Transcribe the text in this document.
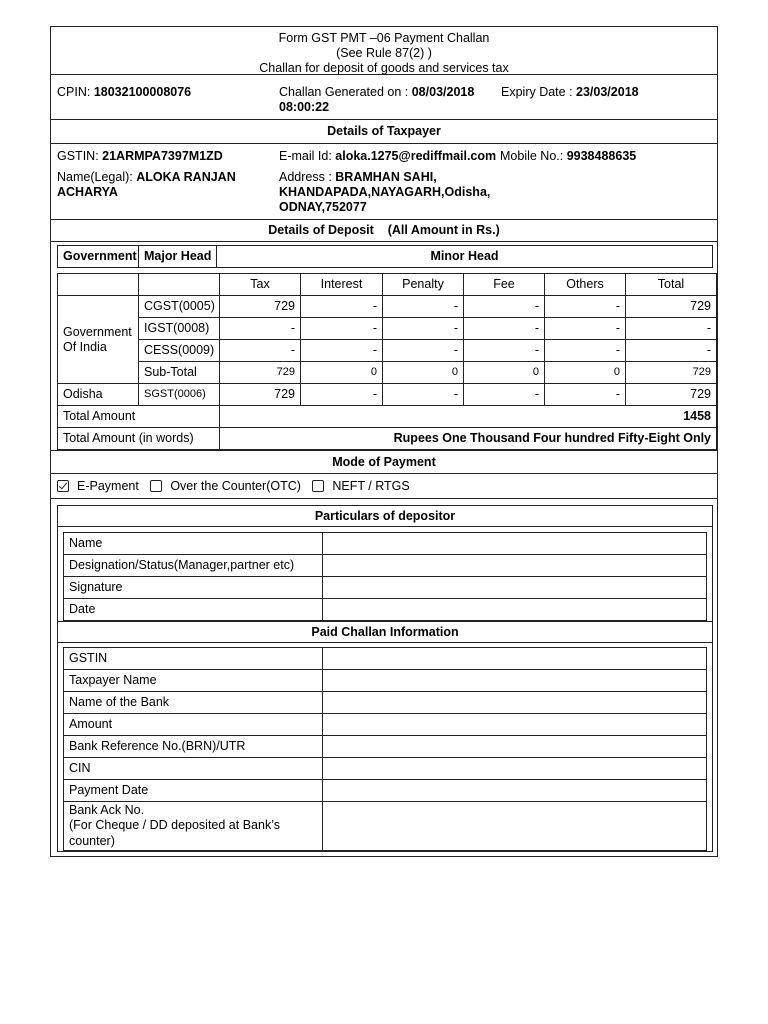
Form GST PMT –06 Payment Challan
(See Rule 87(2) )
Challan for deposit of goods and services tax
CPIN: 18032100008076	Challan Generated on : 08/03/2018
08:00:22
Expiry Date : 23/03/2018
Details of Taxpayer
GSTIN: 21ARMPA7397M1ZD	E-mail Id: aloka.1275@rediffmail.com Mobile No.: 9938488635
Name(Legal): ALOKA RANJAN
ACHARYA
Address : BRAMHAN SAHI,
KHANDAPADA,NAYAGARH,Odisha,
ODNAY,752077
Details of Deposit (All Amount in Rs.)
Government	Major Head	Minor Head
		Tax	Interest	Penalty	Fee	Others	Total
Government Of India	CGST(0005)	729	-	-	-	-	729
	IGST(0008)	-	-	-	-	-	-
	CESS(0009)	-	-	-	-	-	-
	Sub-Total	729	0	0	0	0	729
Odisha	SGST(0006)	729	-	-	-	-	729
Total Amount		1458					
Total Amount (in words)		Rupees One Thousand Four hundred Fifty-Eight Only					
Mode of Payment
E-Payment	Over the Counter(OTC)	NEFT / RTGS
Particulars of depositor
Name	
Designation/Status(Manager,partner etc)	
Signature	
Date	
Paid Challan Information
GSTIN	
Taxpayer Name	
Name of the Bank	
Amount	
Bank Reference No.(BRN)/UTR	
CIN	
Payment Date	
Bank Ack No.
(For Cheque / DD deposited at Bank’s
counter)	
